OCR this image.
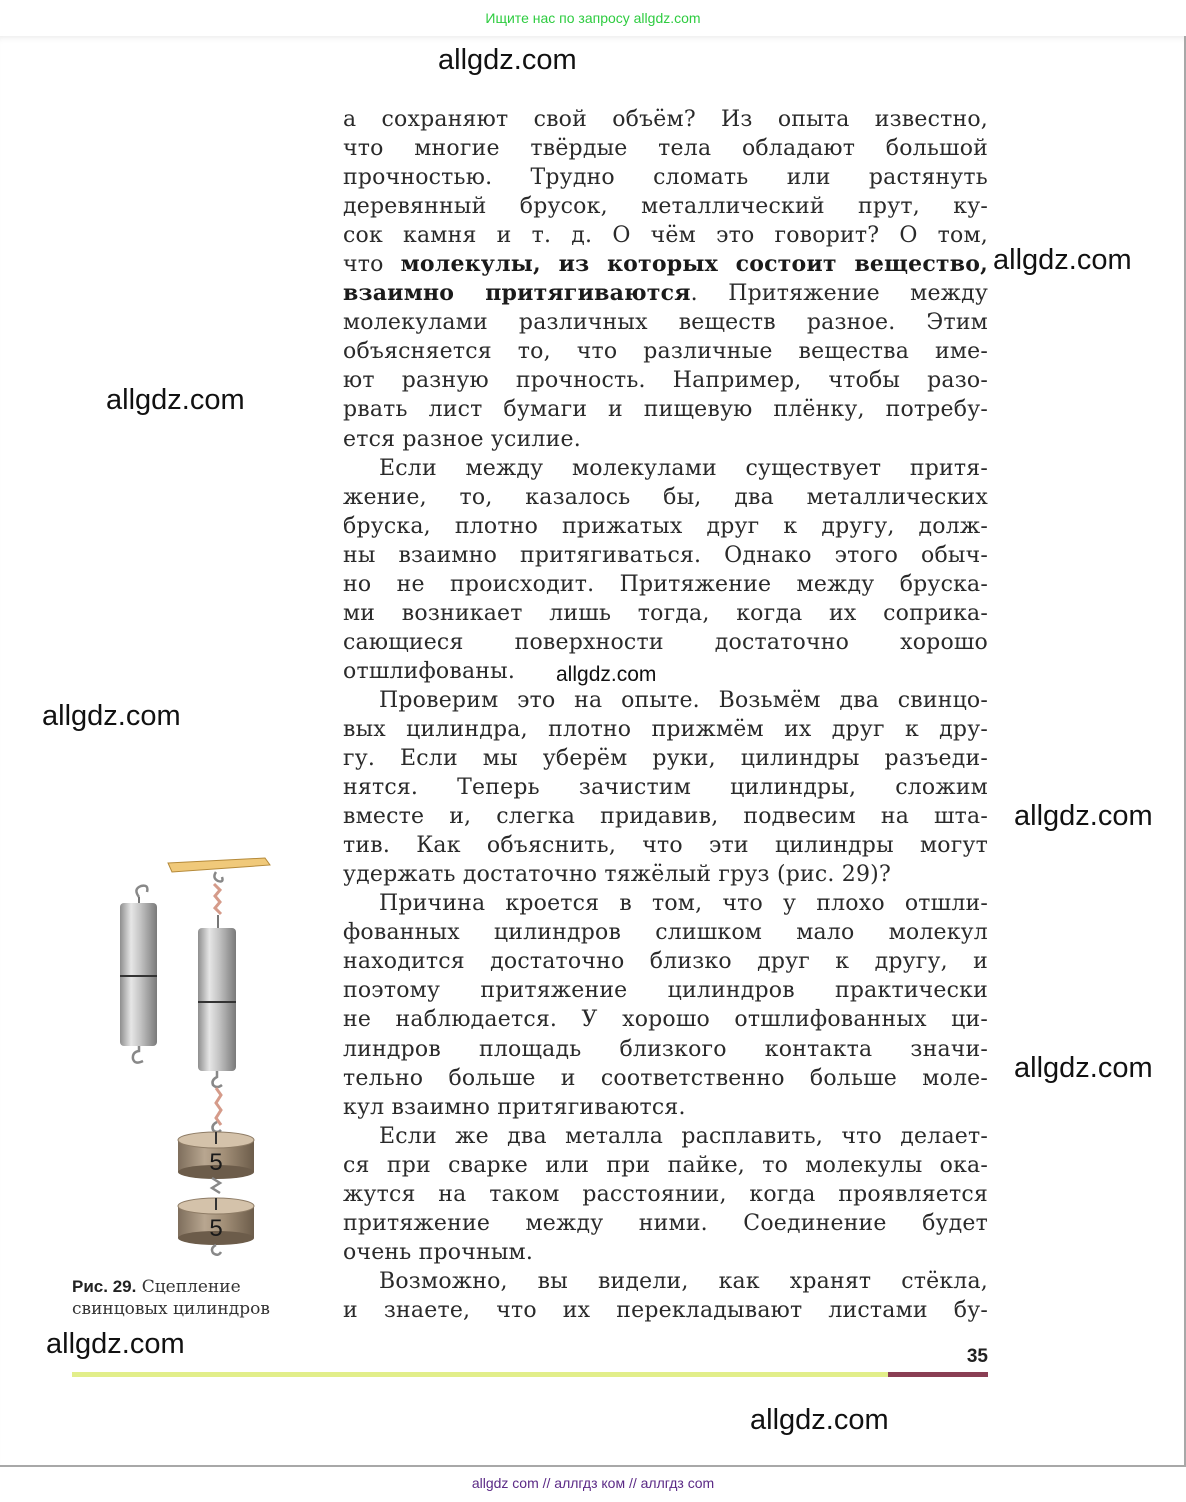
Ищите нас по запросу allgdz.com
allgdz.com
allgdz.com
allgdz.com
allgdz.com
allgdz.com
allgdz.com
allgdz.com
allgdz.com
allgdz.com
а сохраняют свой объём? Из опыта известно,
что многие твёрдые тела обладают большой
прочностью. Трудно сломать или растянуть
деревянный брусок, металлический прут, ку-
сок камня и т. д. О чём это говорит? О том,
что молекулы, из которых состоит вещество,
взаимно притягиваются. Притяжение между
молекулами различных веществ разное. Этим
объясняется то, что различные вещества име-
ют разную прочность. Например, чтобы разо-
рвать лист бумаги и пищевую плёнку, потребу-
ется разное усилие.
Если между молекулами существует притя-
жение, то, казалось бы, два металлических
бруска, плотно прижатых друг к другу, долж-
ны взаимно притягиваться. Однако этого обыч-
но не происходит. Притяжение между бруска-
ми возникает лишь тогда, когда их соприка-
сающиеся поверхности достаточно хорошо
отшлифованы.
Проверим это на опыте. Возьмём два свинцо-
вых цилиндра, плотно прижмём их друг к дру-
гу. Если мы уберём руки, цилиндры разъеди-
нятся. Теперь зачистим цилиндры, сложим
вместе и, слегка придавив, подвесим на шта-
тив. Как объяснить, что эти цилиндры могут
удержать достаточно тяжёлый груз (рис. 29)?
Причина кроется в том, что у плохо отшли-
фованных цилиндров слишком мало молекул
находится достаточно близко друг к другу, и
поэтому притяжение цилиндров практически
не наблюдается. У хорошо отшлифованных ци-
линдров площадь близкого контакта значи-
тельно больше и соответственно больше моле-
кул взаимно притягиваются.
Если же два металла расплавить, что делает-
ся при сварке или при пайке, то молекулы ока-
жутся на таком расстоянии, когда проявляется
притяжение между ними. Соединение будет
очень прочным.
Возможно, вы видели, как хранят стёкла,
и знаете, что их перекладывают листами бу-
5
5
Рис. 29. Сцепление
свинцовых цилиндров
35
allgdz com // аллгдз ком // аллгдз com
